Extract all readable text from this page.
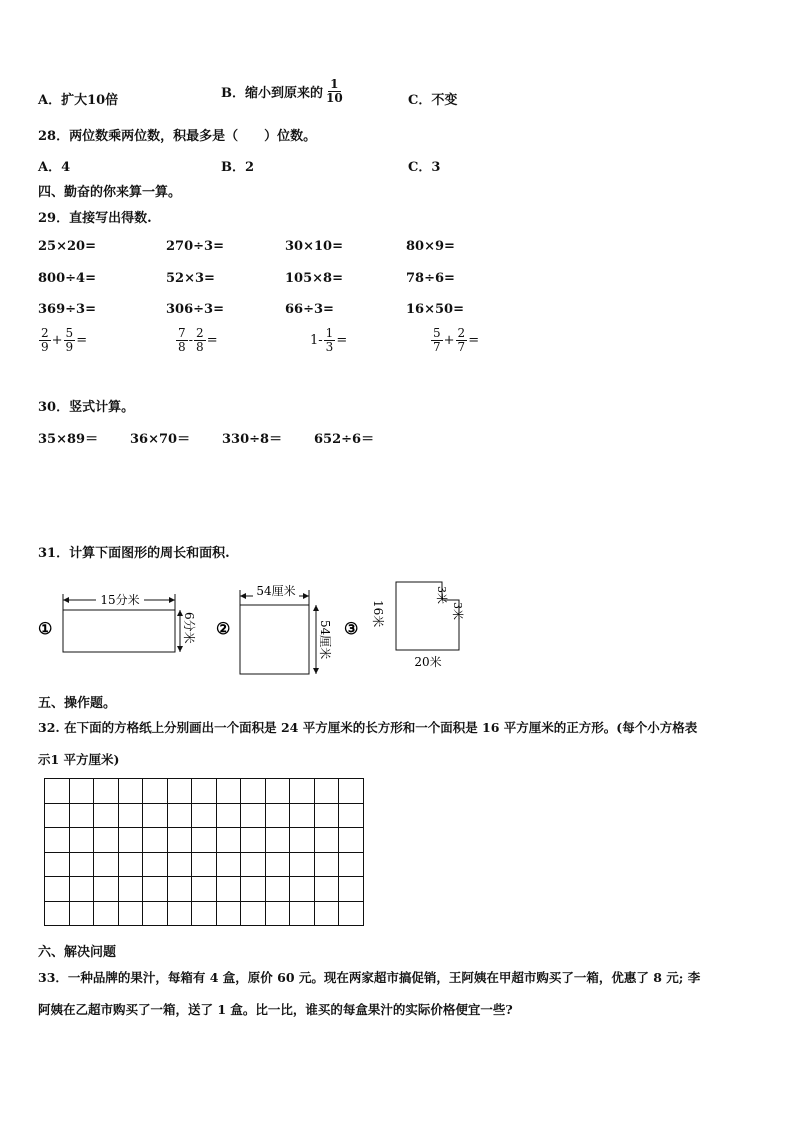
A．扩大10倍	B．缩小到原来的 $\frac{1}{10}$	C．不变
28．两位数乘两位数，积最多是（　　）位数。
A．4	B．2	C．3
四、勤奋的你来算一算。
29．直接写出得数.
25×20=	270÷3=	30×10=	80×9=
800÷4=	52×3=	105×8=	78÷6=
369÷3=	306÷3=	66÷3=	16×50=
$\frac{2}{9} + \frac{5}{9}$ =	$\frac{7}{8} - \frac{2}{8}$ =	$1- \frac{1}{3}$ =	$\frac{5}{7} + \frac{2}{7}$ =
30．竖式计算。
35×89＝ 36×70＝ 330÷8＝ 652÷6＝
31．计算下面图形的周长和面积.
①
15分米
6分米 ②
54厘米
54厘米 ③
16米
3米
3米
20米
五、操作题。
32. 在下面的方格纸上分别画出一个面积是 24 平方厘米的长方形和一个面积是 16 平方厘米的正方形。(每个小方格表
示1 平方厘米)

六、解决问题
33．一种品牌的果汁，每箱有 4 盒，原价 60 元。现在两家超市搞促销，王阿姨在甲超市购买了一箱，优惠了 8 元; 李
阿姨在乙超市购买了一箱，送了 1 盒。比一比，谁买的每盒果汁的实际价格便宜一些?
